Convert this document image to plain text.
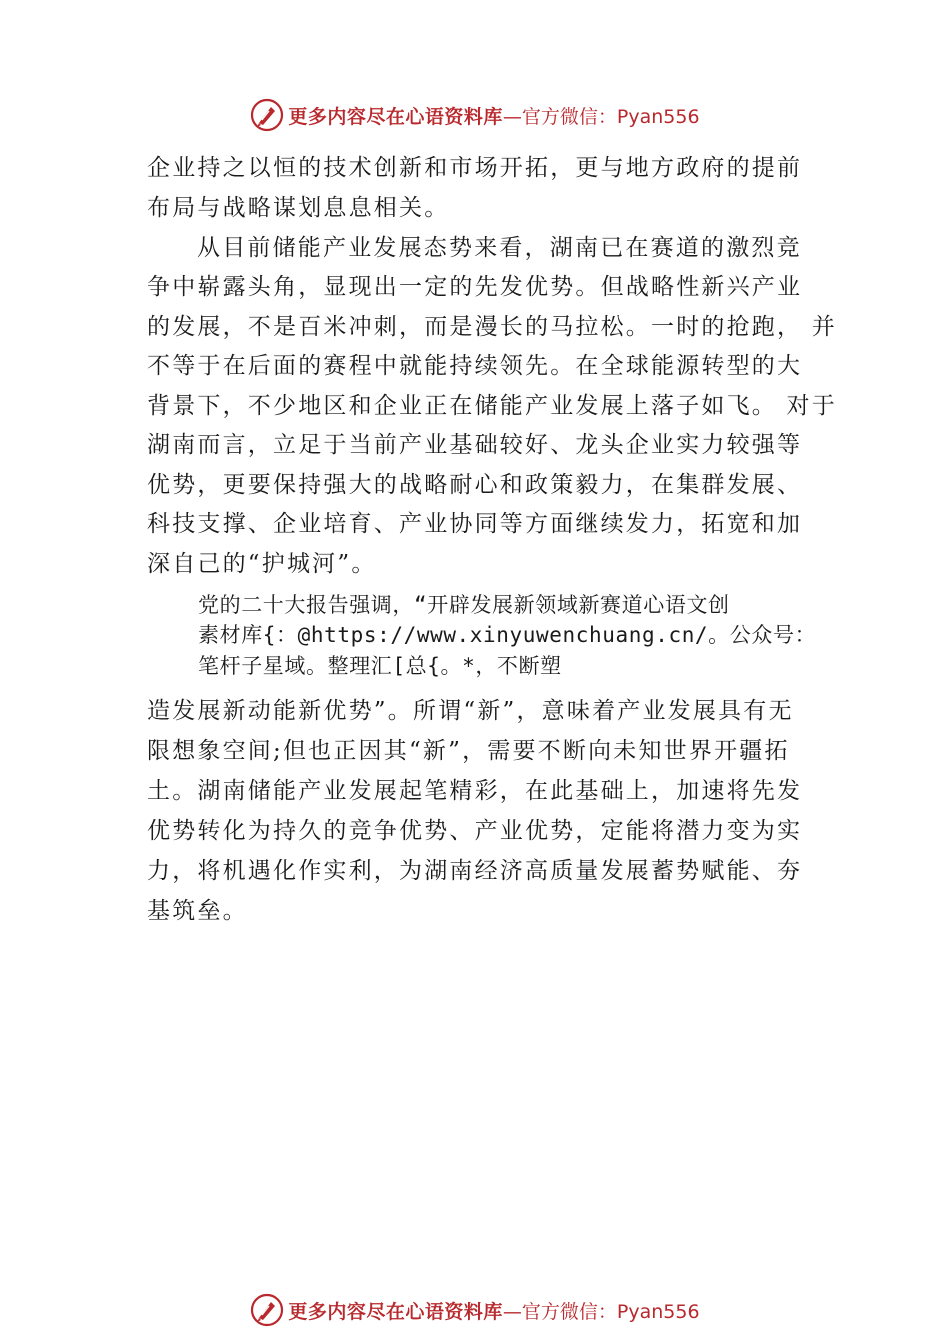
更多内容尽在心语资料库 —官方微信：Pyan556
企业持之以恒的技术创新和市场开拓，更与地方政府的提前
布局与战略谋划息息相关。
从目前储能产业发展态势来看，湖南已在赛道的激烈竞
争中崭露头角，显现出一定的先发优势。但战略性新兴产业
的发展，不是百米冲刺，而是漫长的马拉松。一时的抢跑， 并
不等于在后面的赛程中就能持续领先。在全球能源转型的大
背景下，不少地区和企业正在储能产业发展上落子如飞。 对于
湖南而言，立足于当前产业基础较好、龙头企业实力较强等
优势，更要保持强大的战略耐心和政策毅力，在集群发展、
科技支撑、企业培育、产业协同等方面继续发力，拓宽和加
深自己的“护城河”。
党的二十大报告强调，“开辟发展新领域新赛道心语文创
素材库{：@https://www.xinyuwenchuang.cn/。公众号：
笔杆子星域。整理汇[总{。*，不断塑
造发展新动能新优势”。所谓“新”，意味着产业发展具有无
限想象空间;但也正因其“新”，需要不断向未知世界开疆拓
土。湖南储能产业发展起笔精彩，在此基础上，加速将先发
优势转化为持久的竞争优势、产业优势，定能将潜力变为实
力，将机遇化作实利，为湖南经济高质量发展蓄势赋能、夯
基筑垒。
更多内容尽在心语资料库 —官方微信：Pyan556
